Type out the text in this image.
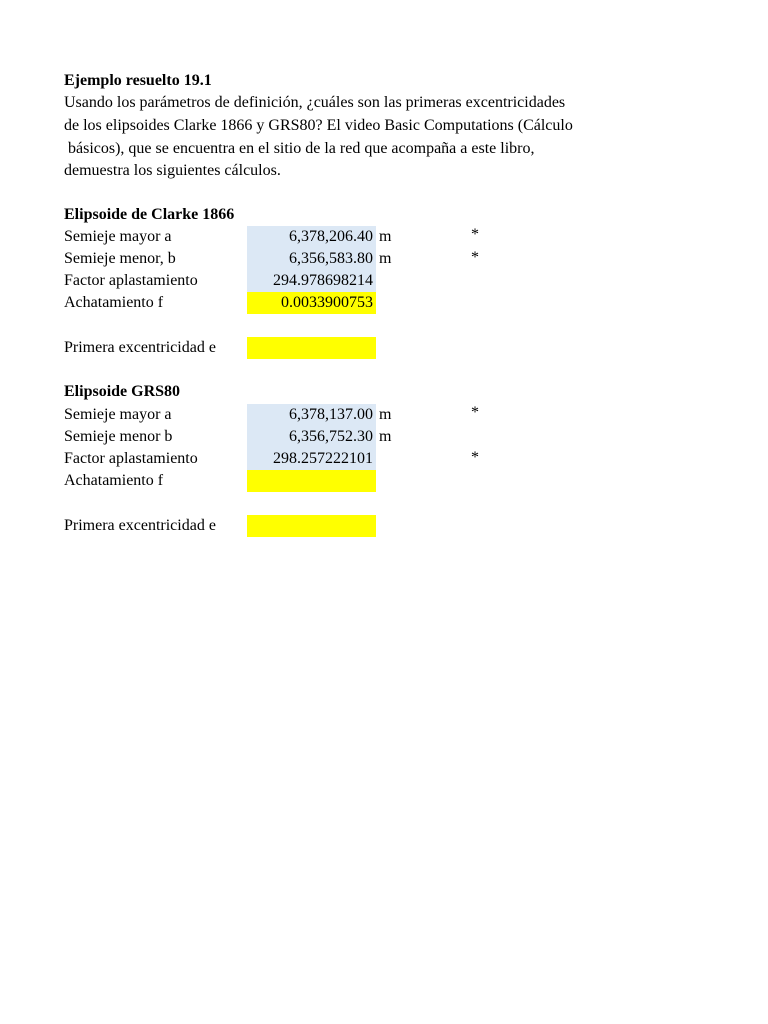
Ejemplo resuelto 19.1
Usando los parámetros de definición, ¿cuáles son las primeras excentricidades
de los elipsoides Clarke 1866 y GRS80? El video Basic Computations (Cálculo
básicos), que se encuentra en el sitio de la red que acompaña a este libro,
demuestra los siguientes cálculos.
Elipsoide de Clarke 1866
Semieje mayor a	6,378,206.40 m	*
Semieje menor, b	6,356,583.80 m	*
Factor aplastamiento	294.978698214
Achatamiento f	0.0033900753
Primera excentricidad e
Elipsoide GRS80
Semieje mayor a	6,378,137.00 m	*
Semieje menor b	6,356,752.30 m
Factor aplastamiento	298.257222101	*
Achatamiento f
Primera excentricidad e
